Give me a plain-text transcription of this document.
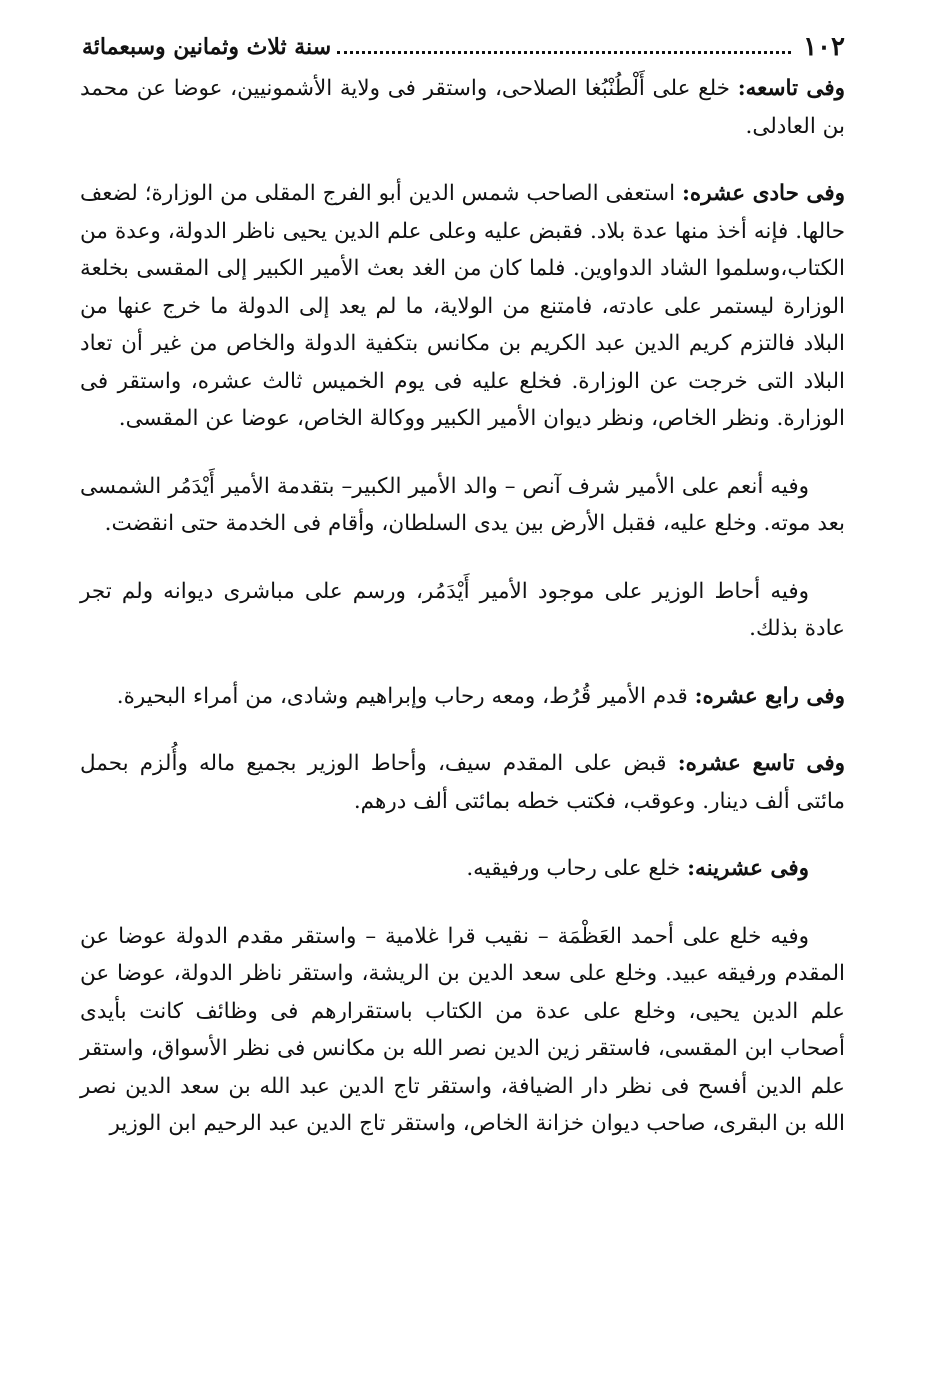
١٠٢
سنة ثلاث وثمانين وسبعمائة

وفى تاسعه: خلع على أَلْطُنْبُغا الصلاحى، واستقر فى ولاية الأشمونيين، عوضا عن محمد بن العادلى.

وفى حادى عشره: استعفى الصاحب شمس الدين أبو الفرج المقلى من الوزارة؛ لضعف حالها. فإنه أخذ منها عدة بلاد. فقبض عليه وعلى علم الدين يحيى ناظر الدولة، وعدة من الكتاب،وسلموا الشاد الدواوين. فلما كان من الغد بعث الأمير الكبير إلى المقسى بخلعة الوزارة ليستمر على عادته، فامتنع من الولاية، ما لم يعد إلى الدولة ما خرج عنها من البلاد فالتزم كريم الدين عبد الكريم بن مكانس بتكفية الدولة والخاص من غير أن تعاد البلاد التى خرجت عن الوزارة. فخلع عليه فى يوم الخميس ثالث عشره، واستقر فى الوزارة. ونظر الخاص، ونظر ديوان الأمير الكبير ووكالة الخاص، عوضا عن المقسى.

وفيه أنعم على الأمير شرف آنص – والد الأمير الكبير– بتقدمة الأمير أَيْدَمُر الشمسى بعد موته. وخلع عليه، فقبل الأرض بين يدى السلطان، وأقام فى الخدمة حتى انقضت.

وفيه أحاط الوزير على موجود الأمير أَيْدَمُر، ورسم على مباشرى ديوانه ولم تجر عادة بذلك.

وفى رابع عشره: قدم الأمير قُرُط، ومعه رحاب وإبراهيم وشادى، من أمراء البحيرة.

وفى تاسع عشره: قبض على المقدم سيف، وأحاط الوزير بجميع ماله وأُلزم بحمل مائتى ألف دينار. وعوقب، فكتب خطه بمائتى ألف درهم.

وفى عشرينه: خلع على رحاب ورفيقيه.

وفيه خلع على أحمد العَظْمَة – نقيب قرا غلامية – واستقر مقدم الدولة عوضا عن المقدم ورفيقه عبيد. وخلع على سعد الدين بن الريشة، واستقر ناظر الدولة، عوضا عن علم الدين يحيى، وخلع على عدة من الكتاب باستقرارهم فى وظائف كانت بأيدى أصحاب ابن المقسى، فاستقر زين الدين نصر الله بن مكانس فى نظر الأسواق، واستقر علم الدين أفسح فى نظر دار الضيافة، واستقر تاج الدين عبد الله بن سعد الدين نصر الله بن البقرى، صاحب ديوان خزانة الخاص، واستقر تاج الدين عبد الرحيم ابن الوزير
